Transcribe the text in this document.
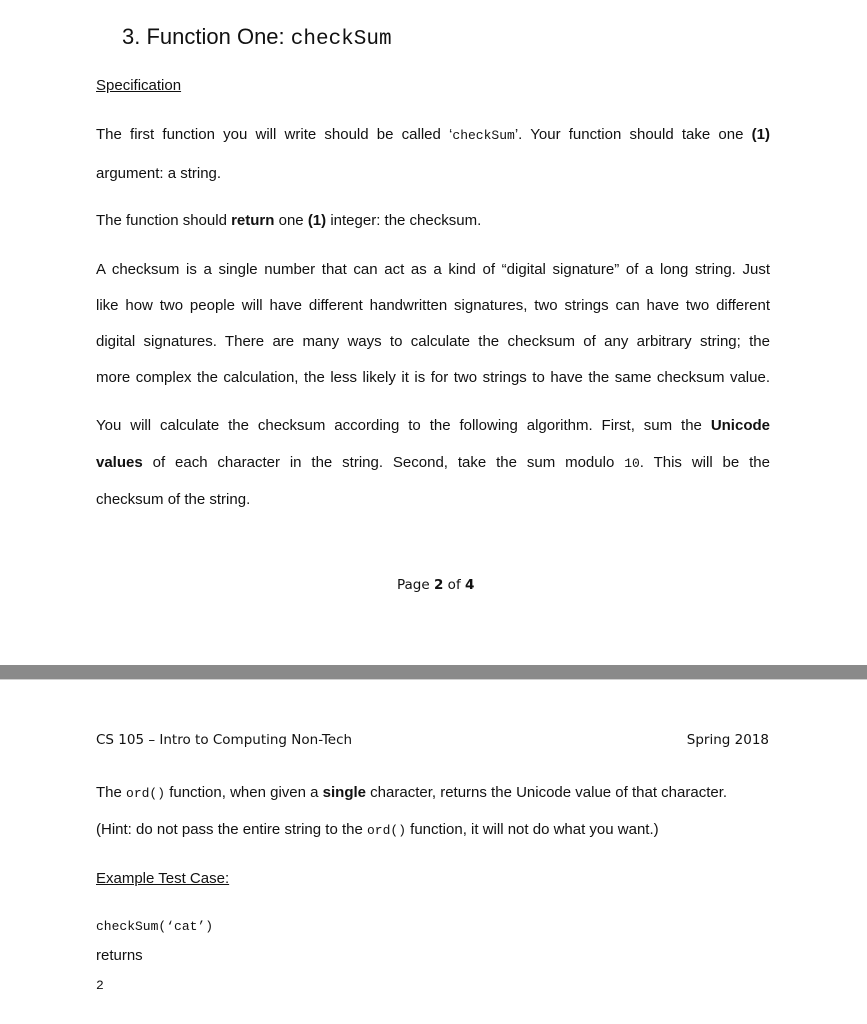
3. Function One: checkSum
Specification
The first function you will write should be called ‘checkSum’. Your function should take one (1)
argument: a string.
The function should return one (1) integer: the checksum.
A checksum is a single number that can act as a kind of “digital signature” of a long string. Just
like how two people will have different handwritten signatures, two strings can have two different
digital signatures. There are many ways to calculate the checksum of any arbitrary string; the
more complex the calculation, the less likely it is for two strings to have the same checksum value.
You will calculate the checksum according to the following algorithm. First, sum the Unicode
values of each character in the string. Second, take the sum modulo 10. This will be the
checksum of the string.
Page 2 of 4
CS 105 – Intro to Computing Non-Tech	Spring 2018
The ord() function, when given a single character, returns the Unicode value of that character.
(Hint: do not pass the entire string to the ord() function, it will not do what you want.)
Example Test Case:
checkSum(‘cat’)
returns
2
